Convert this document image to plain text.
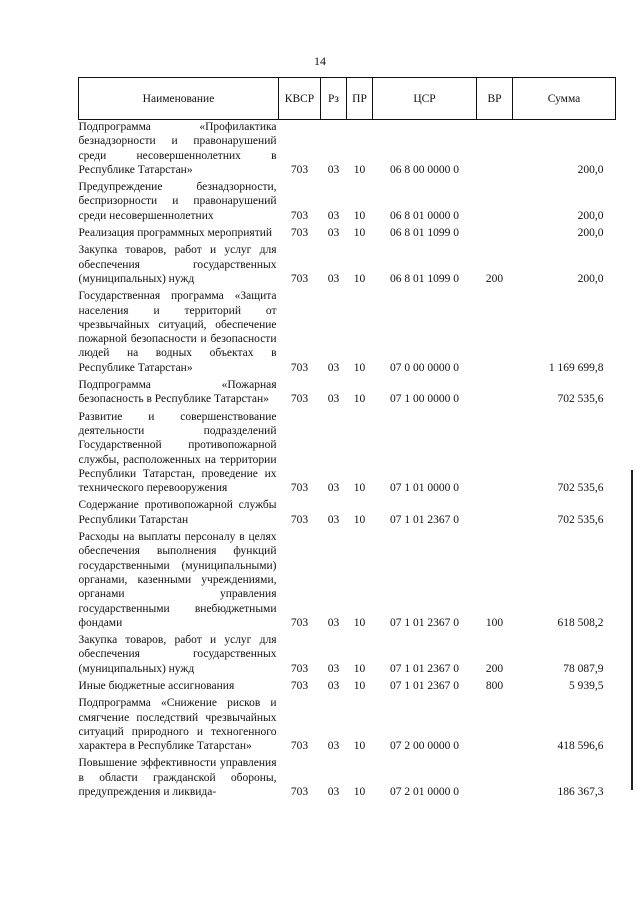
14
Наименование	КВСР	Рз	ПР	ЦСР	ВР	Сумма
Подпрограмма «Профилактика безнадзорности и правонарушений среди несовершеннолетних в Республике Татарстан»	703	03	10	06 8 00 0000 0		200,0
Предупреждение безнадзорности, беспризорности и правонарушений среди несовершеннолетних	703	03	10	06 8 01 0000 0		200,0
Реализация программных мероприятий	703	03	10	06 8 01 1099 0		200,0
Закупка товаров, работ и услуг для обеспечения государственных (муниципальных) нужд	703	03	10	06 8 01 1099 0	200	200,0
Государственная программа «Защита населения и территорий от чрезвычайных ситуаций, обеспечение пожарной безопасности и безопасности людей на водных объектах в Республике Татарстан»	703	03	10	07 0 00 0000 0		1 169 699,8
Подпрограмма «Пожарная безопасность в Республике Татарстан»	703	03	10	07 1 00 0000 0		702 535,6
Развитие и совершенствование деятельности подразделений Государственной противопожарной службы, расположенных на территории Республики Татарстан, проведение их технического перевооружения	703	03	10	07 1 01 0000 0		702 535,6
Содержание противопожарной службы Республики Татарстан	703	03	10	07 1 01 2367 0		702 535,6
Расходы на выплаты персоналу в целях обеспечения выполнения функций государственными (муниципальными) органами, казенными учреждениями, органами управления государственными внебюджетными фондами	703	03	10	07 1 01 2367 0	100	618 508,2
Закупка товаров, работ и услуг для обеспечения государственных (муниципальных) нужд	703	03	10	07 1 01 2367 0	200	78 087,9
Иные бюджетные ассигнования	703	03	10	07 1 01 2367 0	800	5 939,5
Подпрограмма «Снижение рисков и смягчение последствий чрезвычайных ситуаций природного и техногенного характера в Республике Татарстан»	703	03	10	07 2 00 0000 0		418 596,6
Повышение эффективности управления в области гражданской обороны, предупреждения и ликвида-	703	03	10	07 2 01 0000 0		186 367,3
